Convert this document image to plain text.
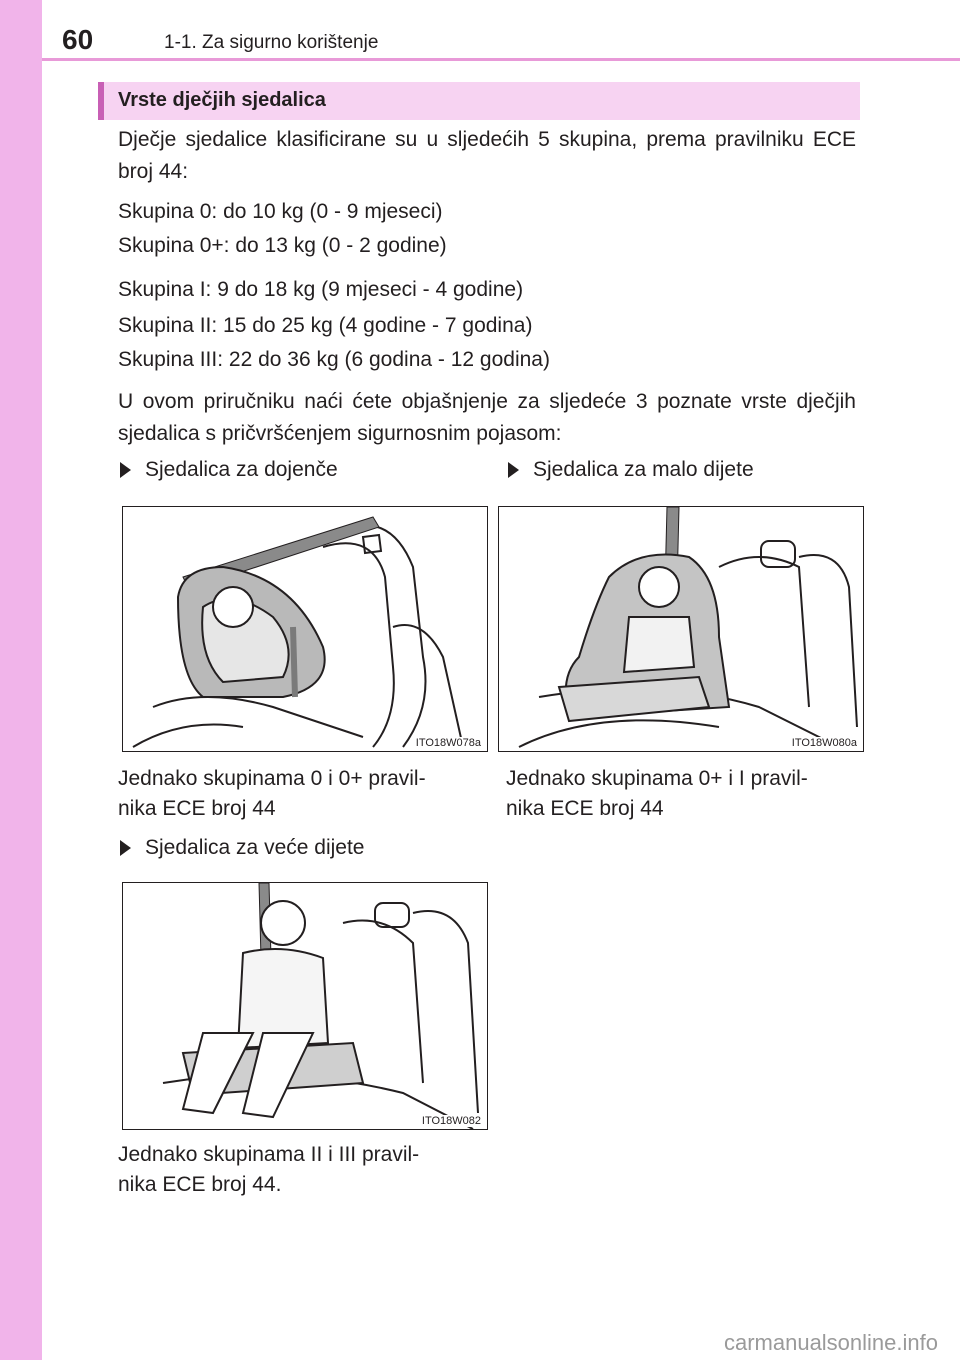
60	1-1. Za sigurno korištenje
Vrste dječjih sjedalica
Dječje sjedalice klasificirane su u sljedećih 5 skupina, prema pravilniku ECE broj 44:
Skupina 0: do 10 kg (0 - 9 mjeseci)
Skupina 0+: do 13 kg (0 - 2 godine)
Skupina I: 9 do 18 kg (9 mjeseci - 4 godine)
Skupina II: 15 do 25 kg (4 godine - 7 godina)
Skupina III: 22 do 36 kg (6 godina - 12 godina)
U ovom priručniku naći ćete objašnjenje za sljedeće 3 poznate vrste dječjih sjedalica s pričvršćenjem sigurnosnim pojasom:
Sjedalica za dojenče
ITO18W078a
Jednako skupinama 0 i 0+ pravil-
nika ECE broj 44
Sjedalica za malo dijete
ITO18W080a
Jednako skupinama 0+ i I pravil-
nika ECE broj 44
Sjedalica za veće dijete
ITO18W082
Jednako skupinama II i III pravil-
nika ECE broj 44.
carmanualsonline.info
